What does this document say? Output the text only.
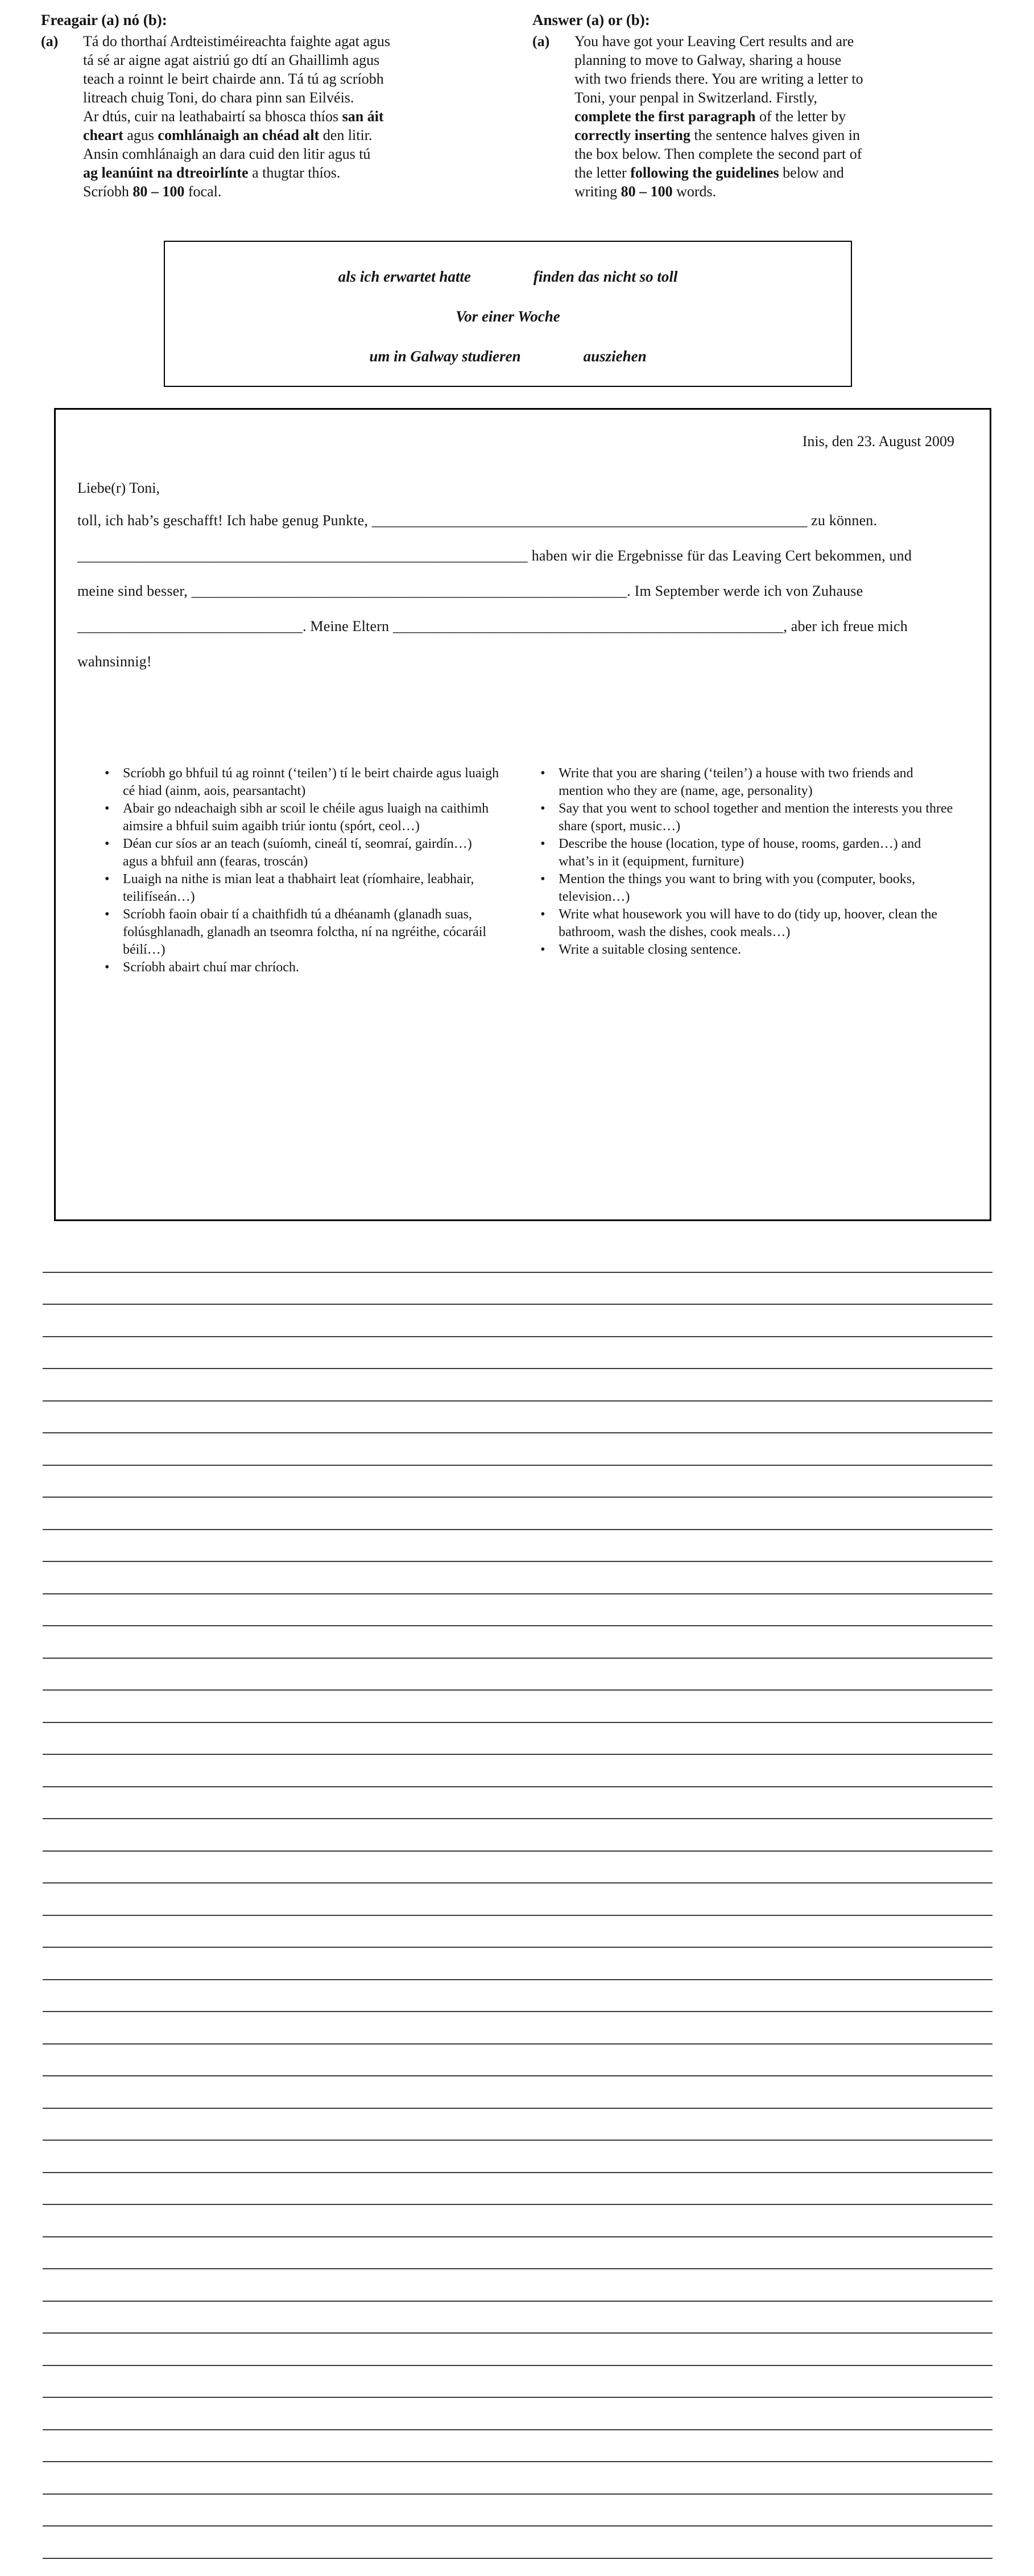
Freagair (a) nó (b):
(a)	Tá do thorthaí Ardteistiméireachta faighte agat agus
tá sé ar aigne agat aistriú go dtí an Ghaillimh agus
teach a roinnt le beirt chairde ann. Tá tú ag scríobh
litreach chuig Toni, do chara pinn san Eilvéis.
Ar dtús, cuir na leathabairtí sa bhosca thíos san áit
cheart agus comhlánaigh an chéad alt den litir.
Ansin comhlánaigh an dara cuid den litir agus tú
ag leanúint na dtreoirlínte a thugtar thíos.
Scríobh 80 – 100 focal.
Answer (a) or (b):
(a)	You have got your Leaving Cert results and are
planning to move to Galway, sharing a house
with two friends there. You are writing a letter to
Toni, your penpal in Switzerland. Firstly,
complete the first paragraph of the letter by
correctly inserting the sentence halves given in
the box below. Then complete the second part of
the letter following the guidelines below and
writing 80 – 100 words.
als ich erwartet hatte	finden das nicht so toll
Vor einer Woche
um in Galway studieren	ausziehen
Inis, den 23. August 2009
Liebe(r) Toni,
toll, ich hab’s geschafft! Ich habe genug Punkte, __________________________________________________________ zu können.
____________________________________________________________ haben wir die Ergebnisse für das Leaving Cert bekommen, und
meine sind besser, __________________________________________________________. Im September werde ich von Zuhause
______________________________. Meine Eltern ____________________________________________________, aber ich freue mich
wahnsinnig!
• Scríobh go bhfuil tú ag roinnt (‘teilen’) tí le beirt chairde agus luaigh cé hiad (ainm, aois, pearsantacht)
• Abair go ndeachaigh sibh ar scoil le chéile agus luaigh na caithimh aimsire a bhfuil suim agaibh triúr iontu (spórt, ceol…)
• Déan cur síos ar an teach (suíomh, cineál tí, seomraí, gairdín…) agus a bhfuil ann (fearas, troscán)
• Luaigh na nithe is mian leat a thabhairt leat (ríomhaire, leabhair, teilifíseán…)
• Scríobh faoin obair tí a chaithfidh tú a dhéanamh (glanadh suas, folúsghlanadh, glanadh an tseomra folctha, ní na ngréithe, cócaráil béilí…)
• Scríobh abairt chuí mar chríoch.
• Write that you are sharing (‘teilen’) a house with two friends and mention who they are (name, age, personality)
• Say that you went to school together and mention the interests you three share (sport, music…)
• Describe the house (location, type of house, rooms, garden…) and what’s in it (equipment, furniture)
• Mention the things you want to bring with you (computer, books, television…)
• Write what housework you will have to do (tidy up, hoover, clean the bathroom, wash the dishes, cook meals…)
• Write a suitable closing sentence.
